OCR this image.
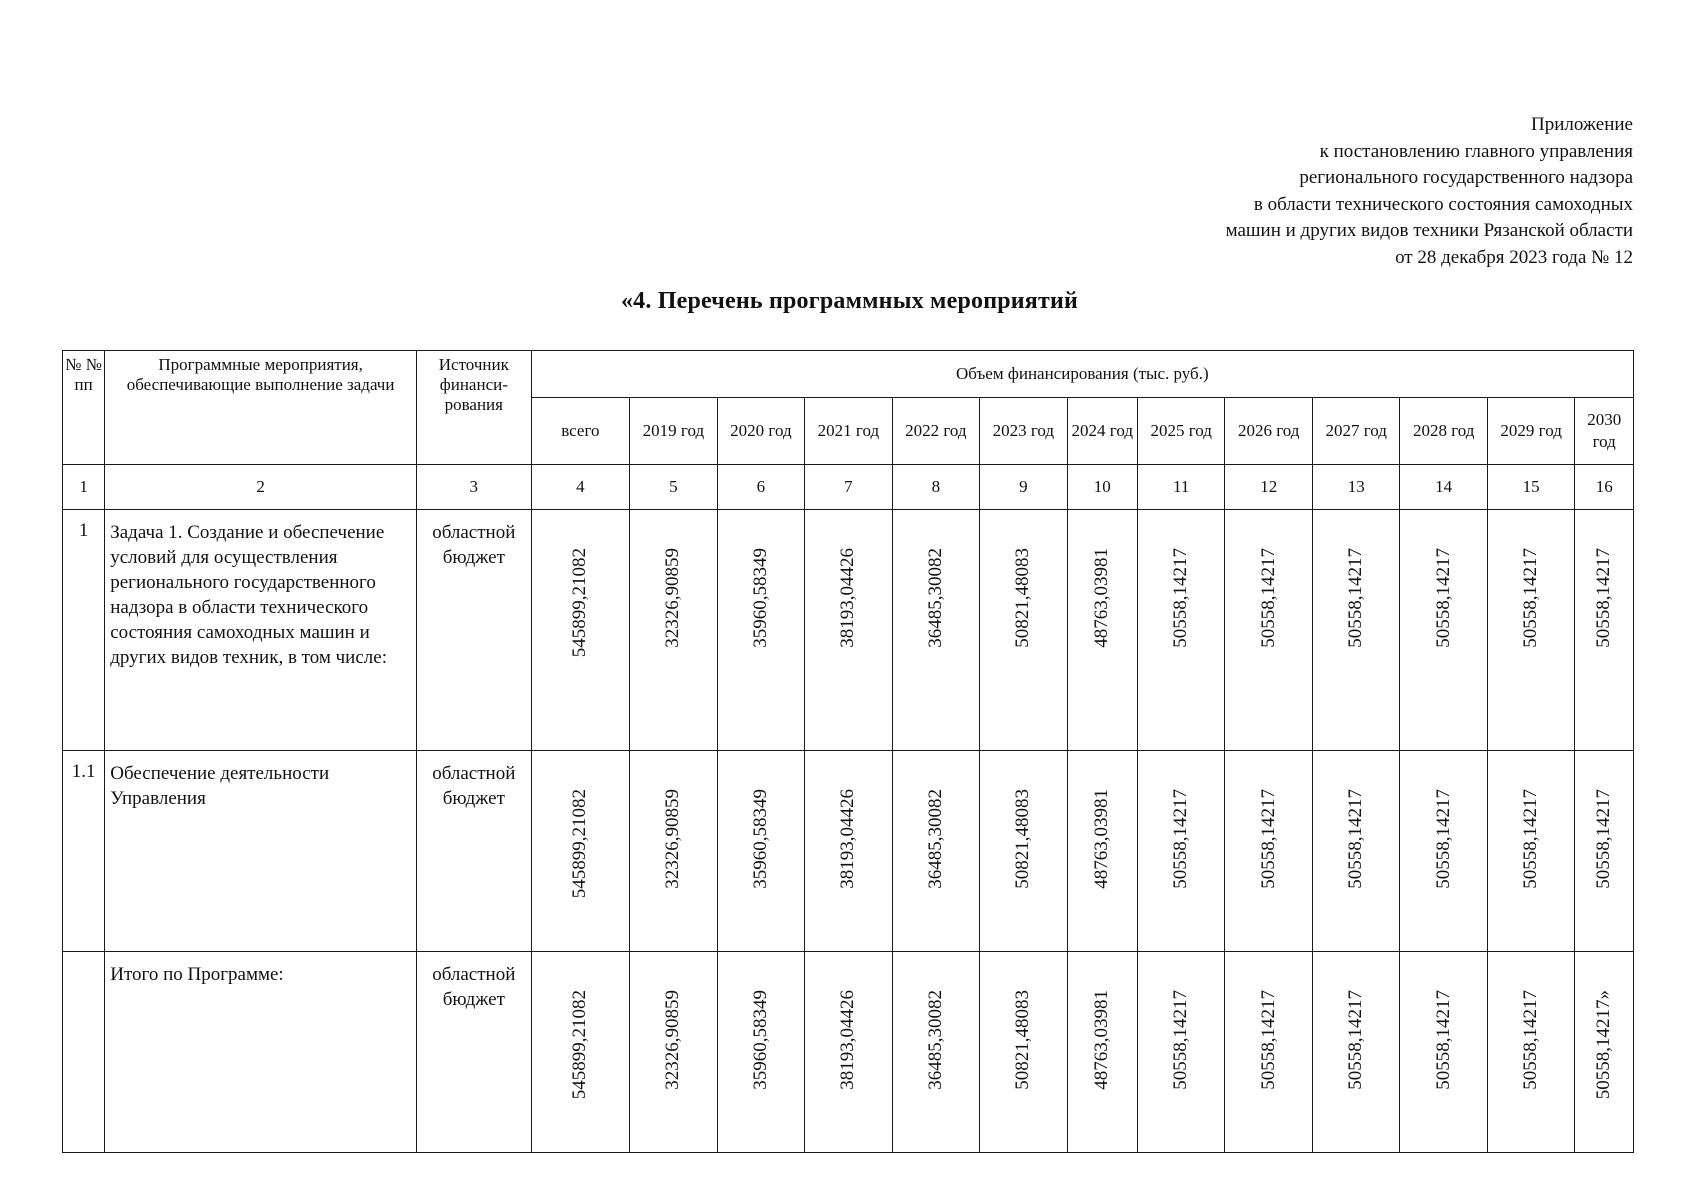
Приложение
к постановлению главного управления
регионального государственного надзора
в области технического состояния самоходных
машин и других видов техники Рязанской области
от 28 декабря 2023 года № 12
«4. Перечень программных мероприятий
№ № пп	Программные мероприятия, обеспечивающие выполнение задачи	Источник финанси-рования	Объем финансирования (тыс. руб.)												
			всего	2019 год	2020 год	2021 год	2022 год	2023 год	2024 год	2025 год	2026 год	2027 год	2028 год	2029 год	2030 год
1	2	3	4	5	6	7	8	9	10	11	12	13	14	15	16
1	Задача 1. Создание и обеспечение условий для осуществления регионального государственного надзора в области технического состояния самоходных машин и других видов техник, в том числе:	областной бюджет	545899,21082	32326,90859	35960,58349	38193,04426	36485,30082	50821,48083	48763,03981	50558,14217	50558,14217	50558,14217	50558,14217	50558,14217	50558,14217
1.1	Обеспечение деятельности Управления	областной бюджет	545899,21082	32326,90859	35960,58349	38193,04426	36485,30082	50821,48083	48763,03981	50558,14217	50558,14217	50558,14217	50558,14217	50558,14217	50558,14217
	Итого по Программе:	областной бюджет	545899,21082	32326,90859	35960,58349	38193,04426	36485,30082	50821,48083	48763,03981	50558,14217	50558,14217	50558,14217	50558,14217	50558,14217	50558,14217»
